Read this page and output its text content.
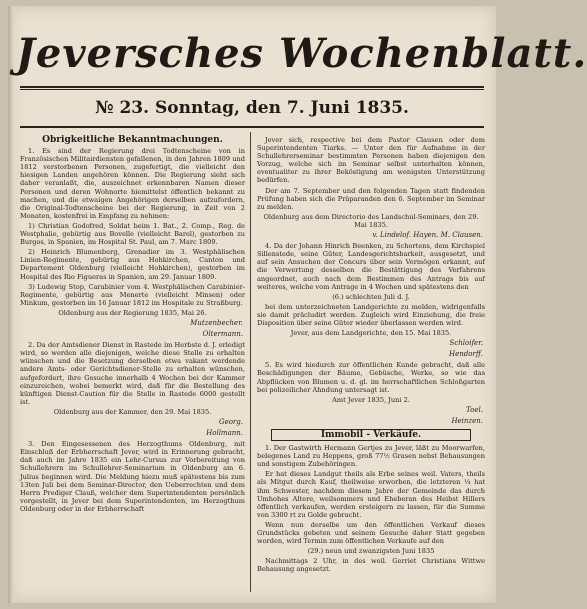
Jeversches Wochenblatt.
№ 23. Sonntag, den 7. Juni 1835.
Obrigkeitliche Bekanntmachungen.

1. Es sind der Regierung drei Todtenscheine von in Französischen Militairdiensten gefallenen, in den Jahren 1809 und 1812 verstorbenen Personen, zugefertigt, die vielleicht den hiesigen Landen angehören können. Die Regierung sieht sich daher veranlaßt, die, auszeichnet erkennbaren Namen dieser Personen und deren Wohnorte hiemittelst öffentlich bekannt zu machen, und die etwaigen Angehörigen derselben aufzufordern, die Original-Todtenscheine bei der Regierung, in Zeit von 2 Monaten, kostenfrei in Empfang zu nehmen:

1) Christian Godofred, Soldat beim 1. Bat., 2. Comp., Reg. de Westphalie, gebürtig aus Bovelle (vielleicht Barel), gestorben zu Burgos, in Spanien, im Hospital St. Paul, am 7. Marc 1809.

2) Heinrich Blumenberg, Grenadier im 3. Westphälischen Linien-Regimente, gebürtig aus Hohkirchen, Canton und Departement Oldenburg (vielleicht Hohkirchen), gestorben im Hospital des Rio Figueras in Spanien, am 29. Januar 1809.

3) Ludewig Stop, Carabinier vom 4. Westphälischen Carabinier-Regimente, gebürtig aus Menerte (vielleicht Minsen) oder Minkum, gestorben im 16 Januar 1812 im Hospitale zu Straßburg.

Oldenburg aus der Regierung 1835, Mai 26.
Mutzenbecher.
Oltermann.

2. Da der Amtsdiener Dienst in Rastede im Herbste d. J. erledigt wird, so werden alle diejenigen, welche diese Stelle zu erhalten wünschen und die Besetzung derselben etwa vakant werdende andere Amts- oder Gerichtsdiener-Stelle zu erhalten wünschen, aufgefordert, ihre Gesuche innerhalb 4 Wochen bei der Kammer einzureichen, wobei bemerkt wird, daß für die Bestellung des künftigen Dienst-Caution für die Stelle in Rastede 6000 gestellt ist.

Oldenburg aus der Kammer, den 29. Mai 1835.
Georg.
Hollmann.

3. Den Eingesessenen des Herzogthums Oldenburg, mit Einschluß der Erbherrschaft Jever, wird in Erinnerung gebracht, daß auch im Jahre 1835 ein Lehr-Cursus zur Vorbereitung von Schullehrern im Schullehrer-Seminarium in Oldenburg am 6. Julius beginnen wird. Die Meldung hiezu muß spätestens bis zum 13ten Juli bei dem Seminar-Director, den Ueberrechten und dem Herrn Prediger Clauß, welcher dem Superintendenten persönlich vorgestellt, in Jever bei dem Superintendenten, im Herzogthum Oldenburg oder in der Erbherrschaft

Jever sich, respective bei dem Pastor Clausen oder dem Superintendenten Tiarks. — Unter den für Aufnahme in der Schullehrerseminar bestimmten Personen haben diejenigen den Vorzug, welche sich im Seminar selbst unterhalten können, eventualiter zu ihrer Beköstigung am wenigsten Unterstützung bedürfen.

Der am 7. September und den folgenden Tagen statt findenden Prüfung haben sich die Präparanden den 6. September im Seminar zu melden.

Oldenburg aus dem Directorio des Landschul-Seminars, den 29. Mai 1835.
v. Lindelof. Hayen. M. Clausen.

4. Da der Johann Hinrich Beenken, zu Schortens, dem Kirchspiel Sillenstede, seine Güter, Landesgerichtsbarkeit, ausgesetzt, und auf sein Ansuchen der Concurs über sein Vermögen erkannt, auf die Verwertung desselben die Bestättigung des Verfahrens angeordnet, auch nach dem Bestimmen des Antrags bis auf weiteres, welche vom Antrage in 4 Wochen und spätestens den

(6.) schlechten Juli d. J.

bei dem unterzeichneten Landgerichte zu melden, widrigenfalls sie damit präcludirt werden. Zugleich wird Einziehung, die freie Disposition über seine Güter wieder überlassen werden wird.

Jever, aus dem Landgerichte, den 15. Mai 1835.
Schloifer.
Hendorff.

5. Es wird hiedurch zur öffentlichen Kunde gebracht, daß alle Beschädigungen der Bäume, Gebüsche, Werke, so wie das Abpflücken von Blumen u. d. gl. im herrschaftlichen Schloßgarten bei polizeilicher Ahndung untersagt ist.

Amt Jever 1835, Juni 2.
Toel.
Heinzen.
Immobil - Verkäufe.

1. Der Gastwirth Hermann Gertjes zu Jever, läßt zu Moorwarfen, belegenes Land zu Heppens, groß 77½ Grasen nebst Behausungen und sonstigem Zubehöringen.

Er hat dieses Landgut theils als Erbe seines weil. Vaters, theils als Mitgut durch Kauf, theilweise erworben, die letzteren ¼ hat ihm Schwester, nachdem diesem Jahre der Gemeinde das durch Umhohes Altere, weilsommers und Eheberan des Heibst Hillers öffentlich verkaufen, werden ersteigern zu lassen, für die Summe von 3300 rt zu Golde gebracht.

Wenn nun derselbe um den öffentlichen Verkauf dieses Grundstücks gebeten und seinem Gesuche daher Statt gegeben worden, wird Termin zum öffentlichen Verkaufe auf den

(29.) neun und zwanzigsten Juni 1835

Nachmittags 2 Uhr, in des weil. Gerriet Christians Wittwe Behausung angesetzt.
